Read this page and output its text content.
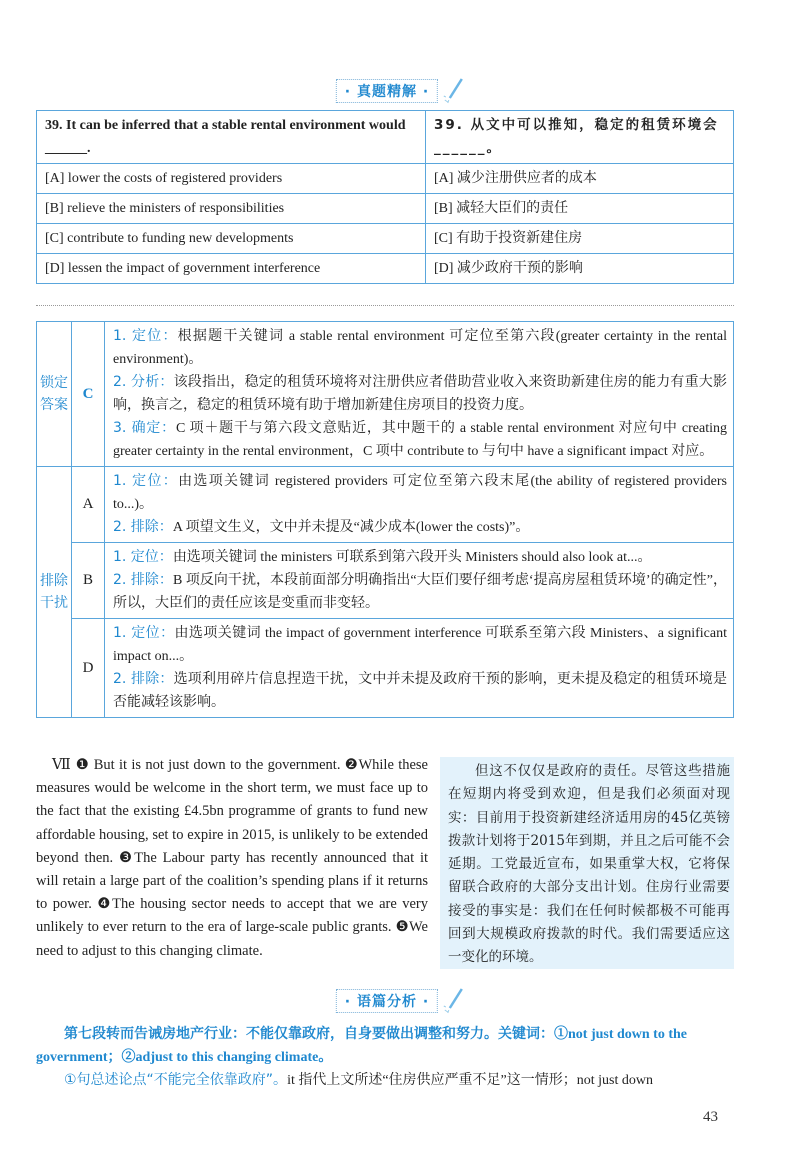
· 真题精解 ·
39. It can be inferred that a stable rental environment would ______.	39. 从文中可以推知，稳定的租赁环境会______。
[A] lower the costs of registered providers	[A] 减少注册供应者的成本
[B] relieve the ministers of responsibilities	[B] 减轻大臣们的责任
[C] contribute to funding new developments	[C] 有助于投资新建住房
[D] lessen the impact of government interference	[D] 减少政府干预的影响
锁定答案	C	1. 定位：根据题干关键词 a stable rental environment 可定位至第六段(greater certainty in the rental environment)。
2. 分析：该段指出，稳定的租赁环境将对注册供应者借助营业收入来资助新建住房的能力有重大影响，换言之，稳定的租赁环境有助于增加新建住房项目的投资力度。
3. 确定：C 项＋题干与第六段文意贴近，其中题干的 a stable rental environment 对应句中 creating greater certainty in the rental environment，C 项中 contribute to 与句中 have a significant impact 对应。

排除干扰	A	1. 定位：由选项关键词 registered providers 可定位至第六段末尾(the ability of registered providers to...)。
2. 排除：A 项望文生义，文中并未提及“减少成本(lower the costs)”。

	B	1. 定位：由选项关键词 the ministers 可联系到第六段开头 Ministers should also look at...。
2. 排除：B 项反向干扰，本段前面部分明确指出“大臣们要仔细考虑‘提高房屋租赁环境’的确定性”，所以，大臣们的责任应该是变重而非变轻。

	D	1. 定位：由选项关键词 the impact of government interference 可联系至第六段 Ministers、a significant impact on...。
2. 排除：选项利用碎片信息捏造干扰，文中并未提及政府干预的影响，更未提及稳定的租赁环境是否能减轻该影响。
Ⅶ ❶ But it is not just down to the government. ❷While these measures would be welcome in the short term, we must face up to the fact that the existing £4.5bn programme of grants to fund new affordable housing, set to expire in 2015, is unlikely to be extended beyond then. ❸The Labour party has recently announced that it will retain a large part of the coalition’s spending plans if it returns to power. ❹The housing sector needs to accept that we are very unlikely to ever return to the era of large-scale public grants. ❺We need to adjust to this changing climate.
但这不仅仅是政府的责任。尽管这些措施在短期内将受到欢迎，但是我们必须面对现实：目前用于投资新建经济适用房的45亿英镑拨款计划将于2015年到期，并且之后可能不会延期。工党最近宣布，如果重掌大权，它将保留联合政府的大部分支出计划。住房行业需要接受的事实是：我们在任何时候都极不可能再回到大规模政府拨款的时代。我们需要适应这一变化的环境。
· 语篇分析 ·
第七段转而告诫房地产行业：不能仅靠政府，自身要做出调整和努力。关键词：①not just down to the government；②adjust to this changing climate。
①句总述论点“不能完全依靠政府”。it 指代上文所述“住房供应严重不足”这一情形；not just down
43
